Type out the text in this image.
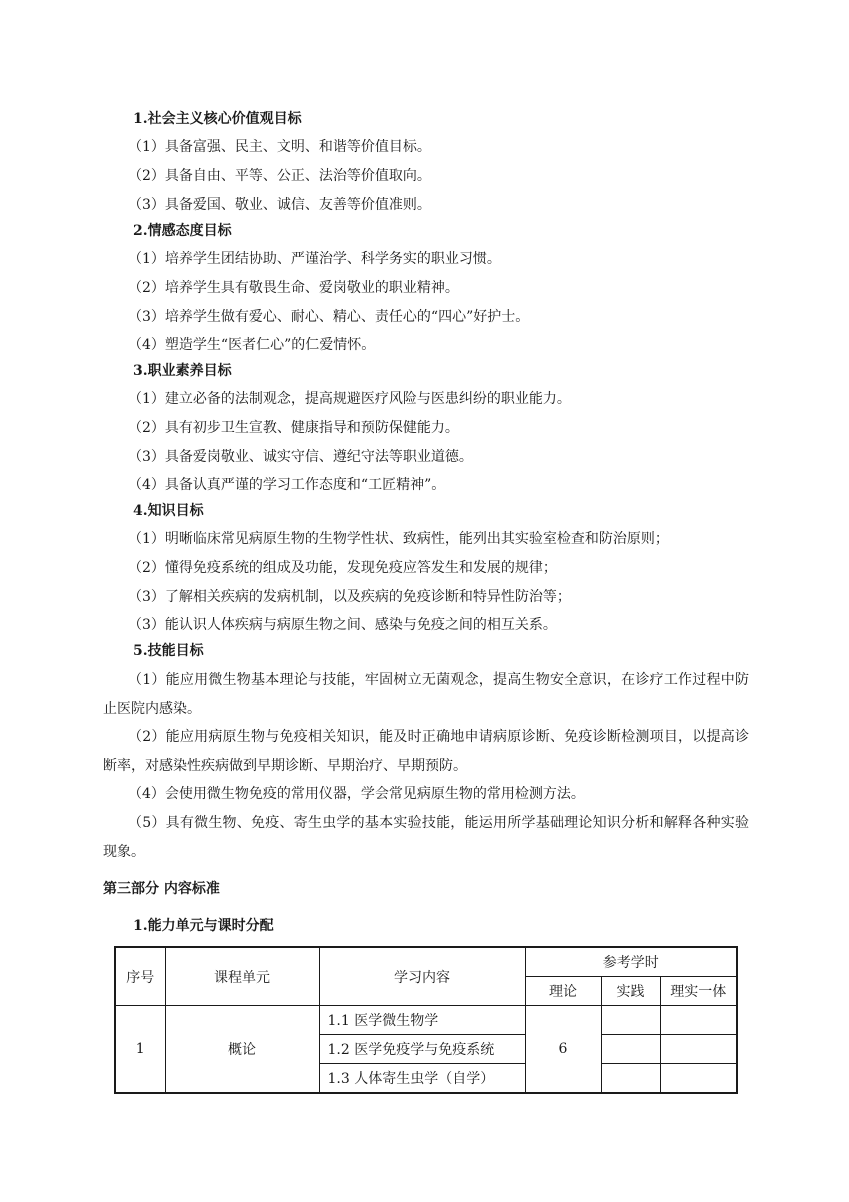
1.社会主义核心价值观目标
（1）具备富强、民主、文明、和谐等价值目标。
（2）具备自由、平等、公正、法治等价值取向。
（3）具备爱国、敬业、诚信、友善等价值准则。
2.情感态度目标
（1）培养学生团结协助、严谨治学、科学务实的职业习惯。
（2）培养学生具有敬畏生命、爱岗敬业的职业精神。
（3）培养学生做有爱心、耐心、精心、责任心的“四心”好护士。
（4）塑造学生“医者仁心”的仁爱情怀。
3.职业素养目标
（1）建立必备的法制观念，提高规避医疗风险与医患纠纷的职业能力。
（2）具有初步卫生宣教、健康指导和预防保健能力。
（3）具备爱岗敬业、诚实守信、遵纪守法等职业道德。
（4）具备认真严谨的学习工作态度和“工匠精神”。
4.知识目标
（1）明晰临床常见病原生物的生物学性状、致病性，能列出其实验室检查和防治原则；
（2）懂得免疫系统的组成及功能，发现免疫应答发生和发展的规律；
（3）了解相关疾病的发病机制，以及疾病的免疫诊断和特异性防治等；
（3）能认识人体疾病与病原生物之间、感染与免疫之间的相互关系。
5.技能目标
（1）能应用微生物基本理论与技能，牢固树立无菌观念，提高生物安全意识，在诊疗工作过程中防止医院内感染。
（2）能应用病原生物与免疫相关知识，能及时正确地申请病原诊断、免疫诊断检测项目，以提高诊断率，对感染性疾病做到早期诊断、早期治疗、早期预防。
（4）会使用微生物免疫的常用仪器，学会常见病原生物的常用检测方法。
（5）具有微生物、免疫、寄生虫学的基本实验技能，能运用所学基础理论知识分析和解释各种实验现象。
第三部分 内容标准
1.能力单元与课时分配
序号	课程单元	学习内容	参考学时		
			理论	实践	理实一体
1	概论	1.1 医学微生物学	6		
		1.2 医学免疫学与免疫系统			
		1.3 人体寄生虫学（自学）			
